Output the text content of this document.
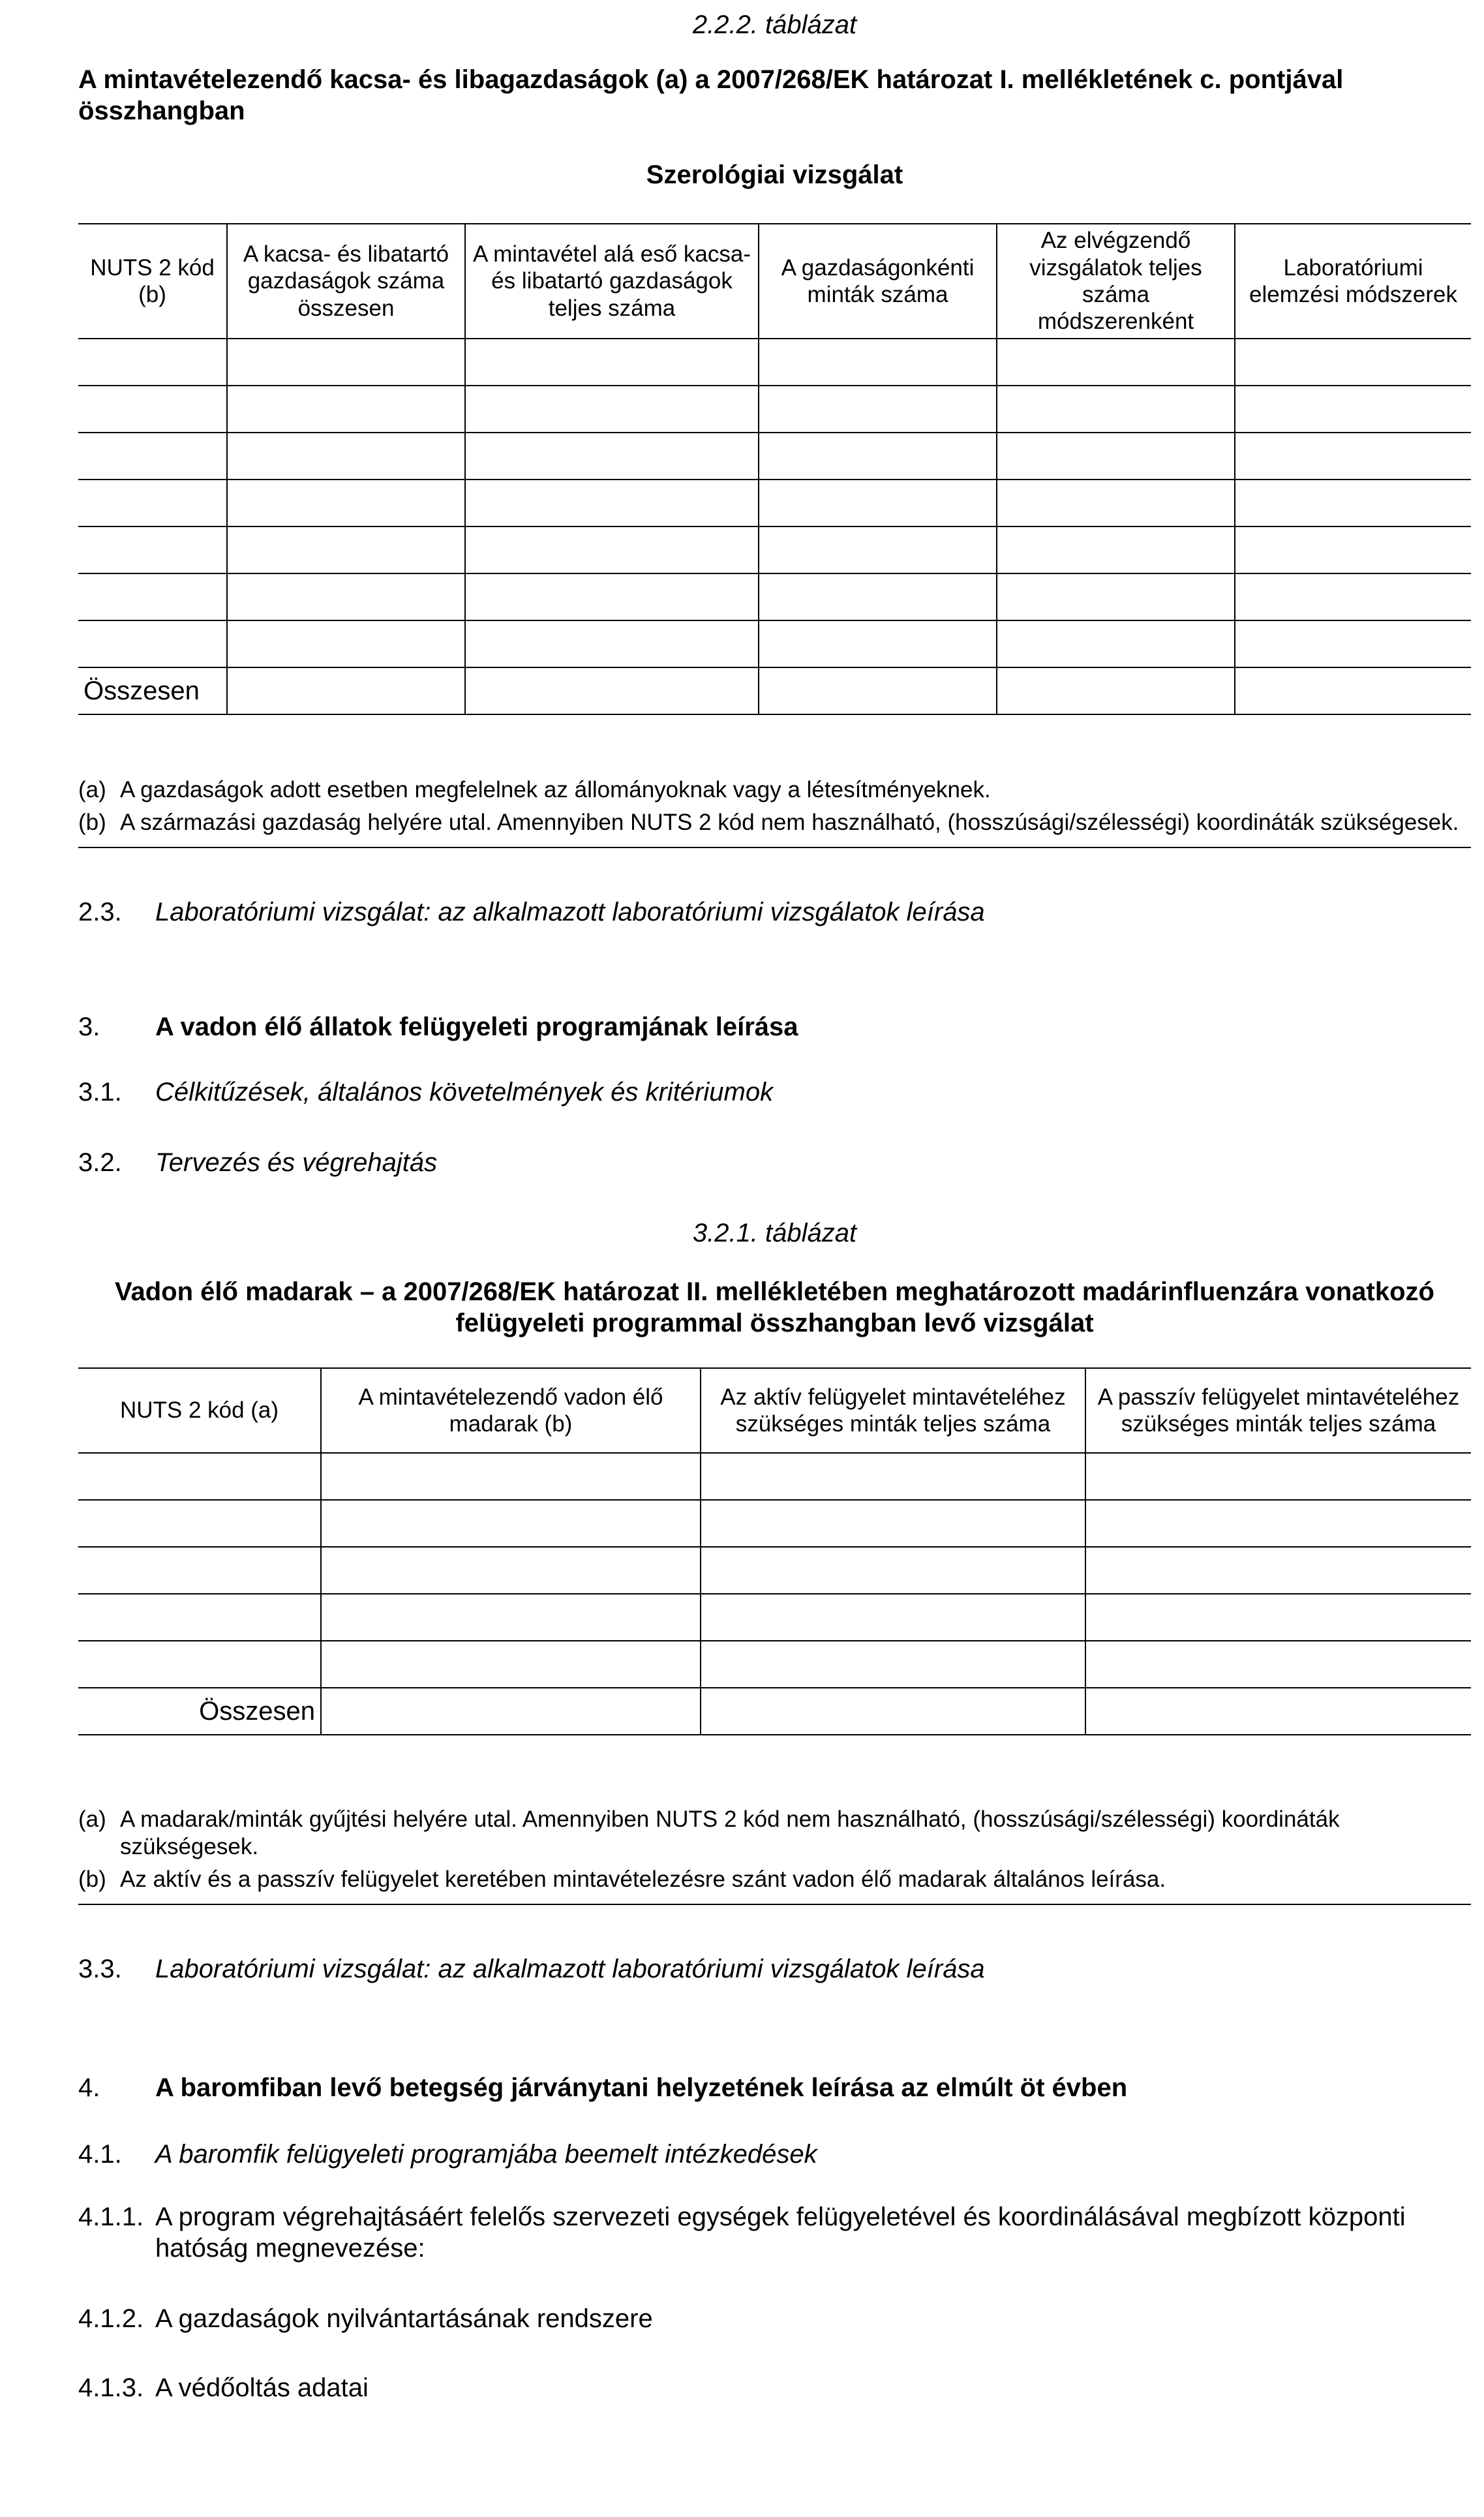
2.2.2. táblázat
A mintavételezendő kacsa- és libagazdaságok (a) a 2007/268/EK határozat I. mellékletének c. pontjával összhangban
Szerológiai vizsgálat
NUTS 2 kód (b)	A kacsa- és libatartó gazdaságok száma összesen	A mintavétel alá eső kacsa- és libatartó gazdaságok teljes száma	A gazdaságonkénti minták száma	Az elvégzendő vizsgálatok teljes száma módszerenként	Laboratóriumi elemzési módszerek

Összesen					
(a) A gazdaságok adott esetben megfelelnek az állományoknak vagy a létesítményeknek.
(b) A származási gazdaság helyére utal. Amennyiben NUTS 2 kód nem használható, (hosszúsági/szélességi) koordináták szükségesek.
2.3.	Laboratóriumi vizsgálat: az alkalmazott laboratóriumi vizsgálatok leírása
3.	A vadon élő állatok felügyeleti programjának leírása
3.1.	Célkitűzések, általános követelmények és kritériumok
3.2.	Tervezés és végrehajtás
3.2.1. táblázat
Vadon élő madarak – a 2007/268/EK határozat II. mellékletében meghatározott madárinfluenzára vonatkozó felügyeleti programmal összhangban levő vizsgálat
NUTS 2 kód (a)	A mintavételezendő vadon élő madarak (b)	Az aktív felügyelet mintavételéhez szükséges minták teljes száma	A passzív felügyelet mintavételéhez szükséges minták teljes száma

Összesen			
(a) A madarak/minták gyűjtési helyére utal. Amennyiben NUTS 2 kód nem használható, (hosszúsági/szélességi) koordináták szükségesek.
(b) Az aktív és a passzív felügyelet keretében mintavételezésre szánt vadon élő madarak általános leírása.
3.3.	Laboratóriumi vizsgálat: az alkalmazott laboratóriumi vizsgálatok leírása
4.	A baromfiban levő betegség járványtani helyzetének leírása az elmúlt öt évben
4.1.	A baromfik felügyeleti programjába beemelt intézkedések
4.1.1. A program végrehajtásáért felelős szervezeti egységek felügyeletével és koordinálásával megbízott központi hatóság megnevezése:
4.1.2. A gazdaságok nyilvántartásának rendszere
4.1.3. A védőoltás adatai
